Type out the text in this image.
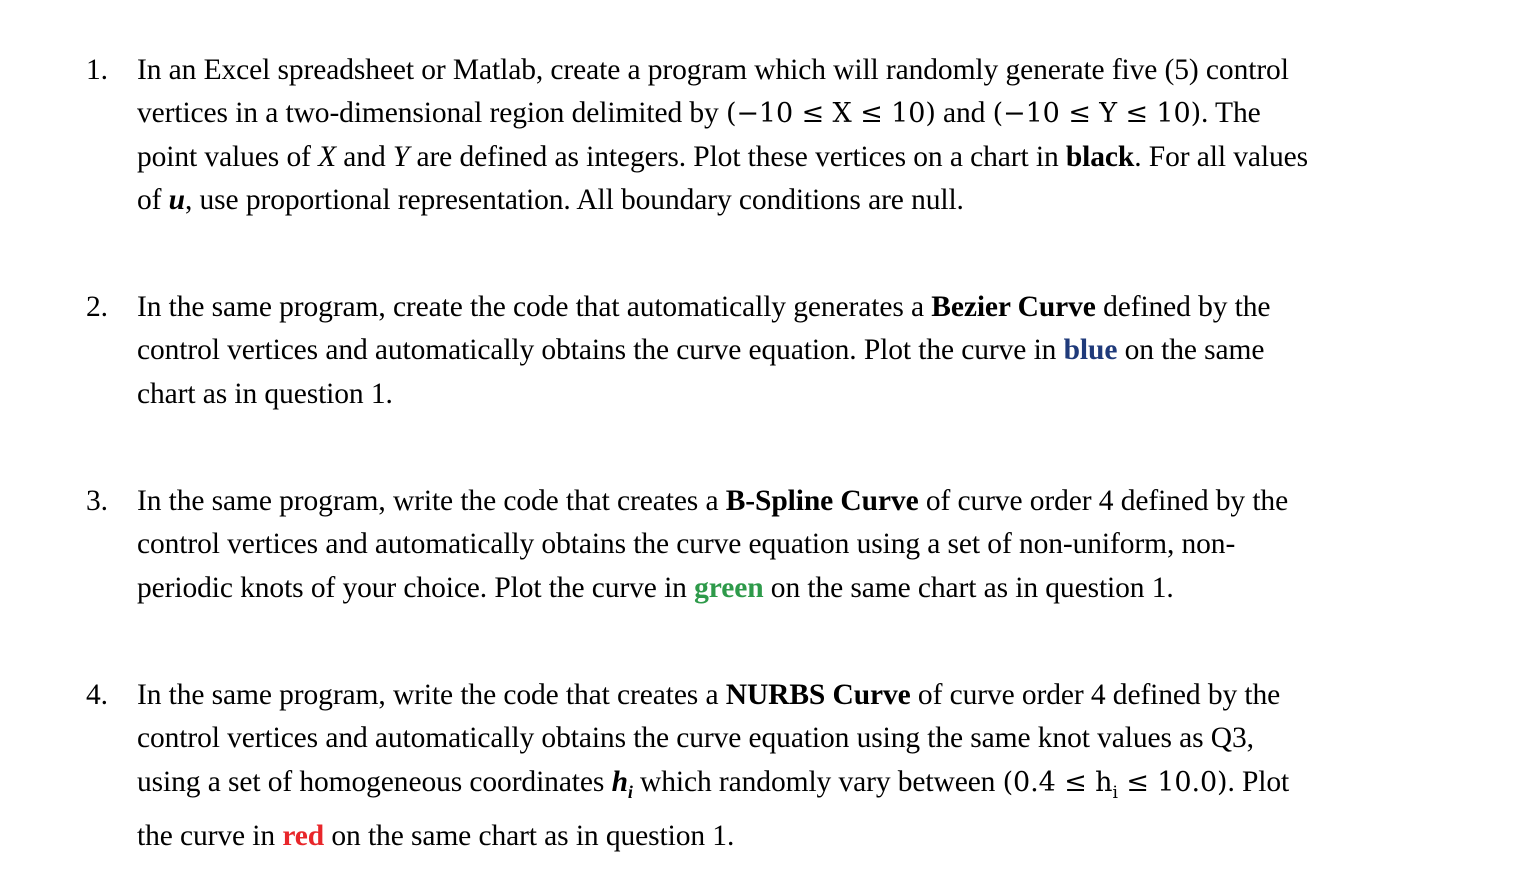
1. In an Excel spreadsheet or Matlab, create a program which will randomly generate five (5) control
vertices in a two-dimensional region delimited by (−10 ≤ X ≤ 10) and (−10 ≤ Y ≤ 10). The
point values of X and Y are defined as integers. Plot these vertices on a chart in black. For all values
of u, use proportional representation. All boundary conditions are null.
2. In the same program, create the code that automatically generates a Bezier Curve defined by the
control vertices and automatically obtains the curve equation. Plot the curve in blue on the same
chart as in question 1.
3. In the same program, write the code that creates a B-Spline Curve of curve order 4 defined by the
control vertices and automatically obtains the curve equation using a set of non-uniform, non-
periodic knots of your choice. Plot the curve in green on the same chart as in question 1.
4. In the same program, write the code that creates a NURBS Curve of curve order 4 defined by the
control vertices and automatically obtains the curve equation using the same knot values as Q3,
using a set of homogeneous coordinates $h_i$ which randomly vary between $(0.4 \le h_i \le 10.0)$. Plot
the curve in red on the same chart as in question 1.
